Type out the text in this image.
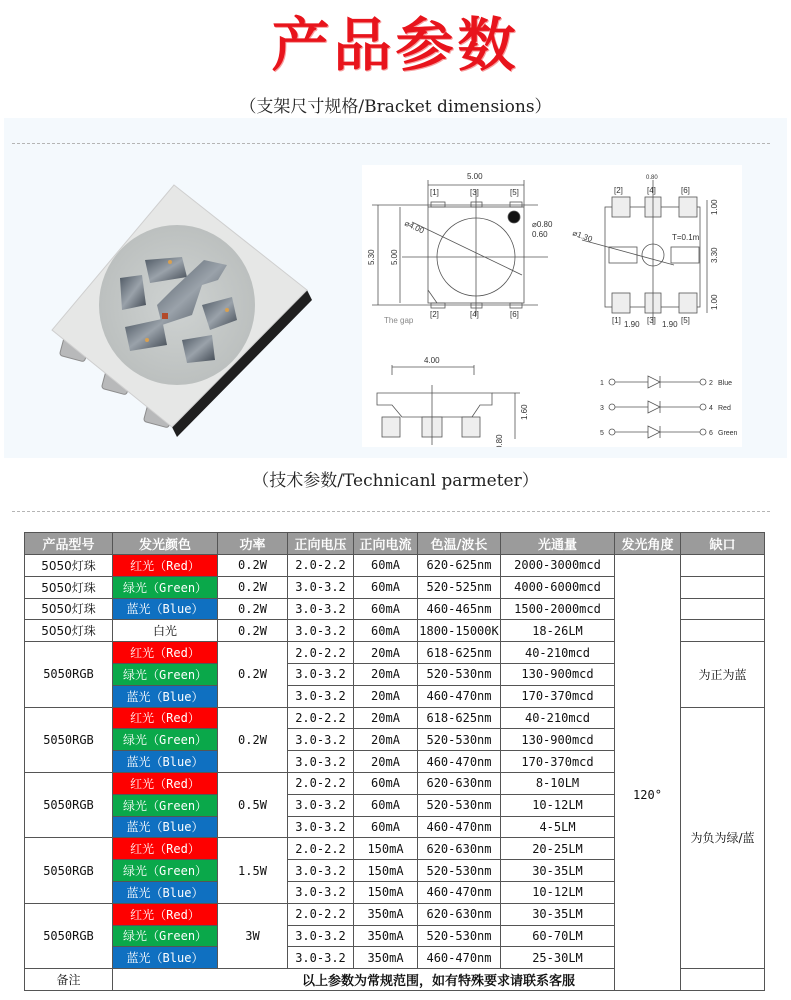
产品参数
（支架尺寸规格/Bracket dimensions）
5.00
[1]	[3]	[5]
[2]	[4]	[6]
⌀0.80
0.60
⌀4.00
5.30 5.00
The gap
0.80
[2]	[4]	[6]
[1]	[3]	[5]
1.90	1.90
⌀1.30	T=0.1m
1.00
3.30
1.00
4.00
1.60
0.80
1	2 Blue
3	4 Red
5	6 Green
（技术参数/Technicanl parmeter）
产品型号	发光颜色	功率	正向电压	正向电流	色温/波长	光通量	发光角度	缺口
5050灯珠	红光（Red）	0.2W	2.0-2.2	60mA	620-625nm	2000-3000mcd	120°	
5050灯珠	绿光（Green）	0.2W	3.0-3.2	60mA	520-525nm	4000-6000mcd		
5050灯珠	蓝光（Blue）	0.2W	3.0-3.2	60mA	460-465nm	1500-2000mcd		
5050灯珠	白光	0.2W	3.0-3.2	60mA	1800-15000K	18-26LM		
5050RGB	红光（Red）	0.2W	2.0-2.2	20mA	618-625nm	40-210mcd		为正为蓝
	绿光（Green）		3.0-3.2	20mA	520-530nm	130-900mcd		
	蓝光（Blue）		3.0-3.2	20mA	460-470nm	170-370mcd		
5050RGB	红光（Red）	0.2W	2.0-2.2	20mA	618-625nm	40-210mcd		为负为绿/蓝
	绿光（Green）		3.0-3.2	20mA	520-530nm	130-900mcd		
	蓝光（Blue）		3.0-3.2	20mA	460-470nm	170-370mcd		
5050RGB	红光（Red）	0.5W	2.0-2.2	60mA	620-630nm	8-10LM		
	绿光（Green）		3.0-3.2	60mA	520-530nm	10-12LM		
	蓝光（Blue）		3.0-3.2	60mA	460-470nm	4-5LM		
5050RGB	红光（Red）	1.5W	2.0-2.2	150mA	620-630nm	20-25LM		
	绿光（Green）		3.0-3.2	150mA	520-530nm	30-35LM		
	蓝光（Blue）		3.0-3.2	150mA	460-470nm	10-12LM		
5050RGB	红光（Red）	3W	2.0-2.2	350mA	620-630nm	30-35LM		
	绿光（Green）		3.0-3.2	350mA	520-530nm	60-70LM		
	蓝光（Blue）		3.0-3.2	350mA	460-470nm	25-30LM		
备注	以上参数为常规范围，如有特殊要求请联系客服							
